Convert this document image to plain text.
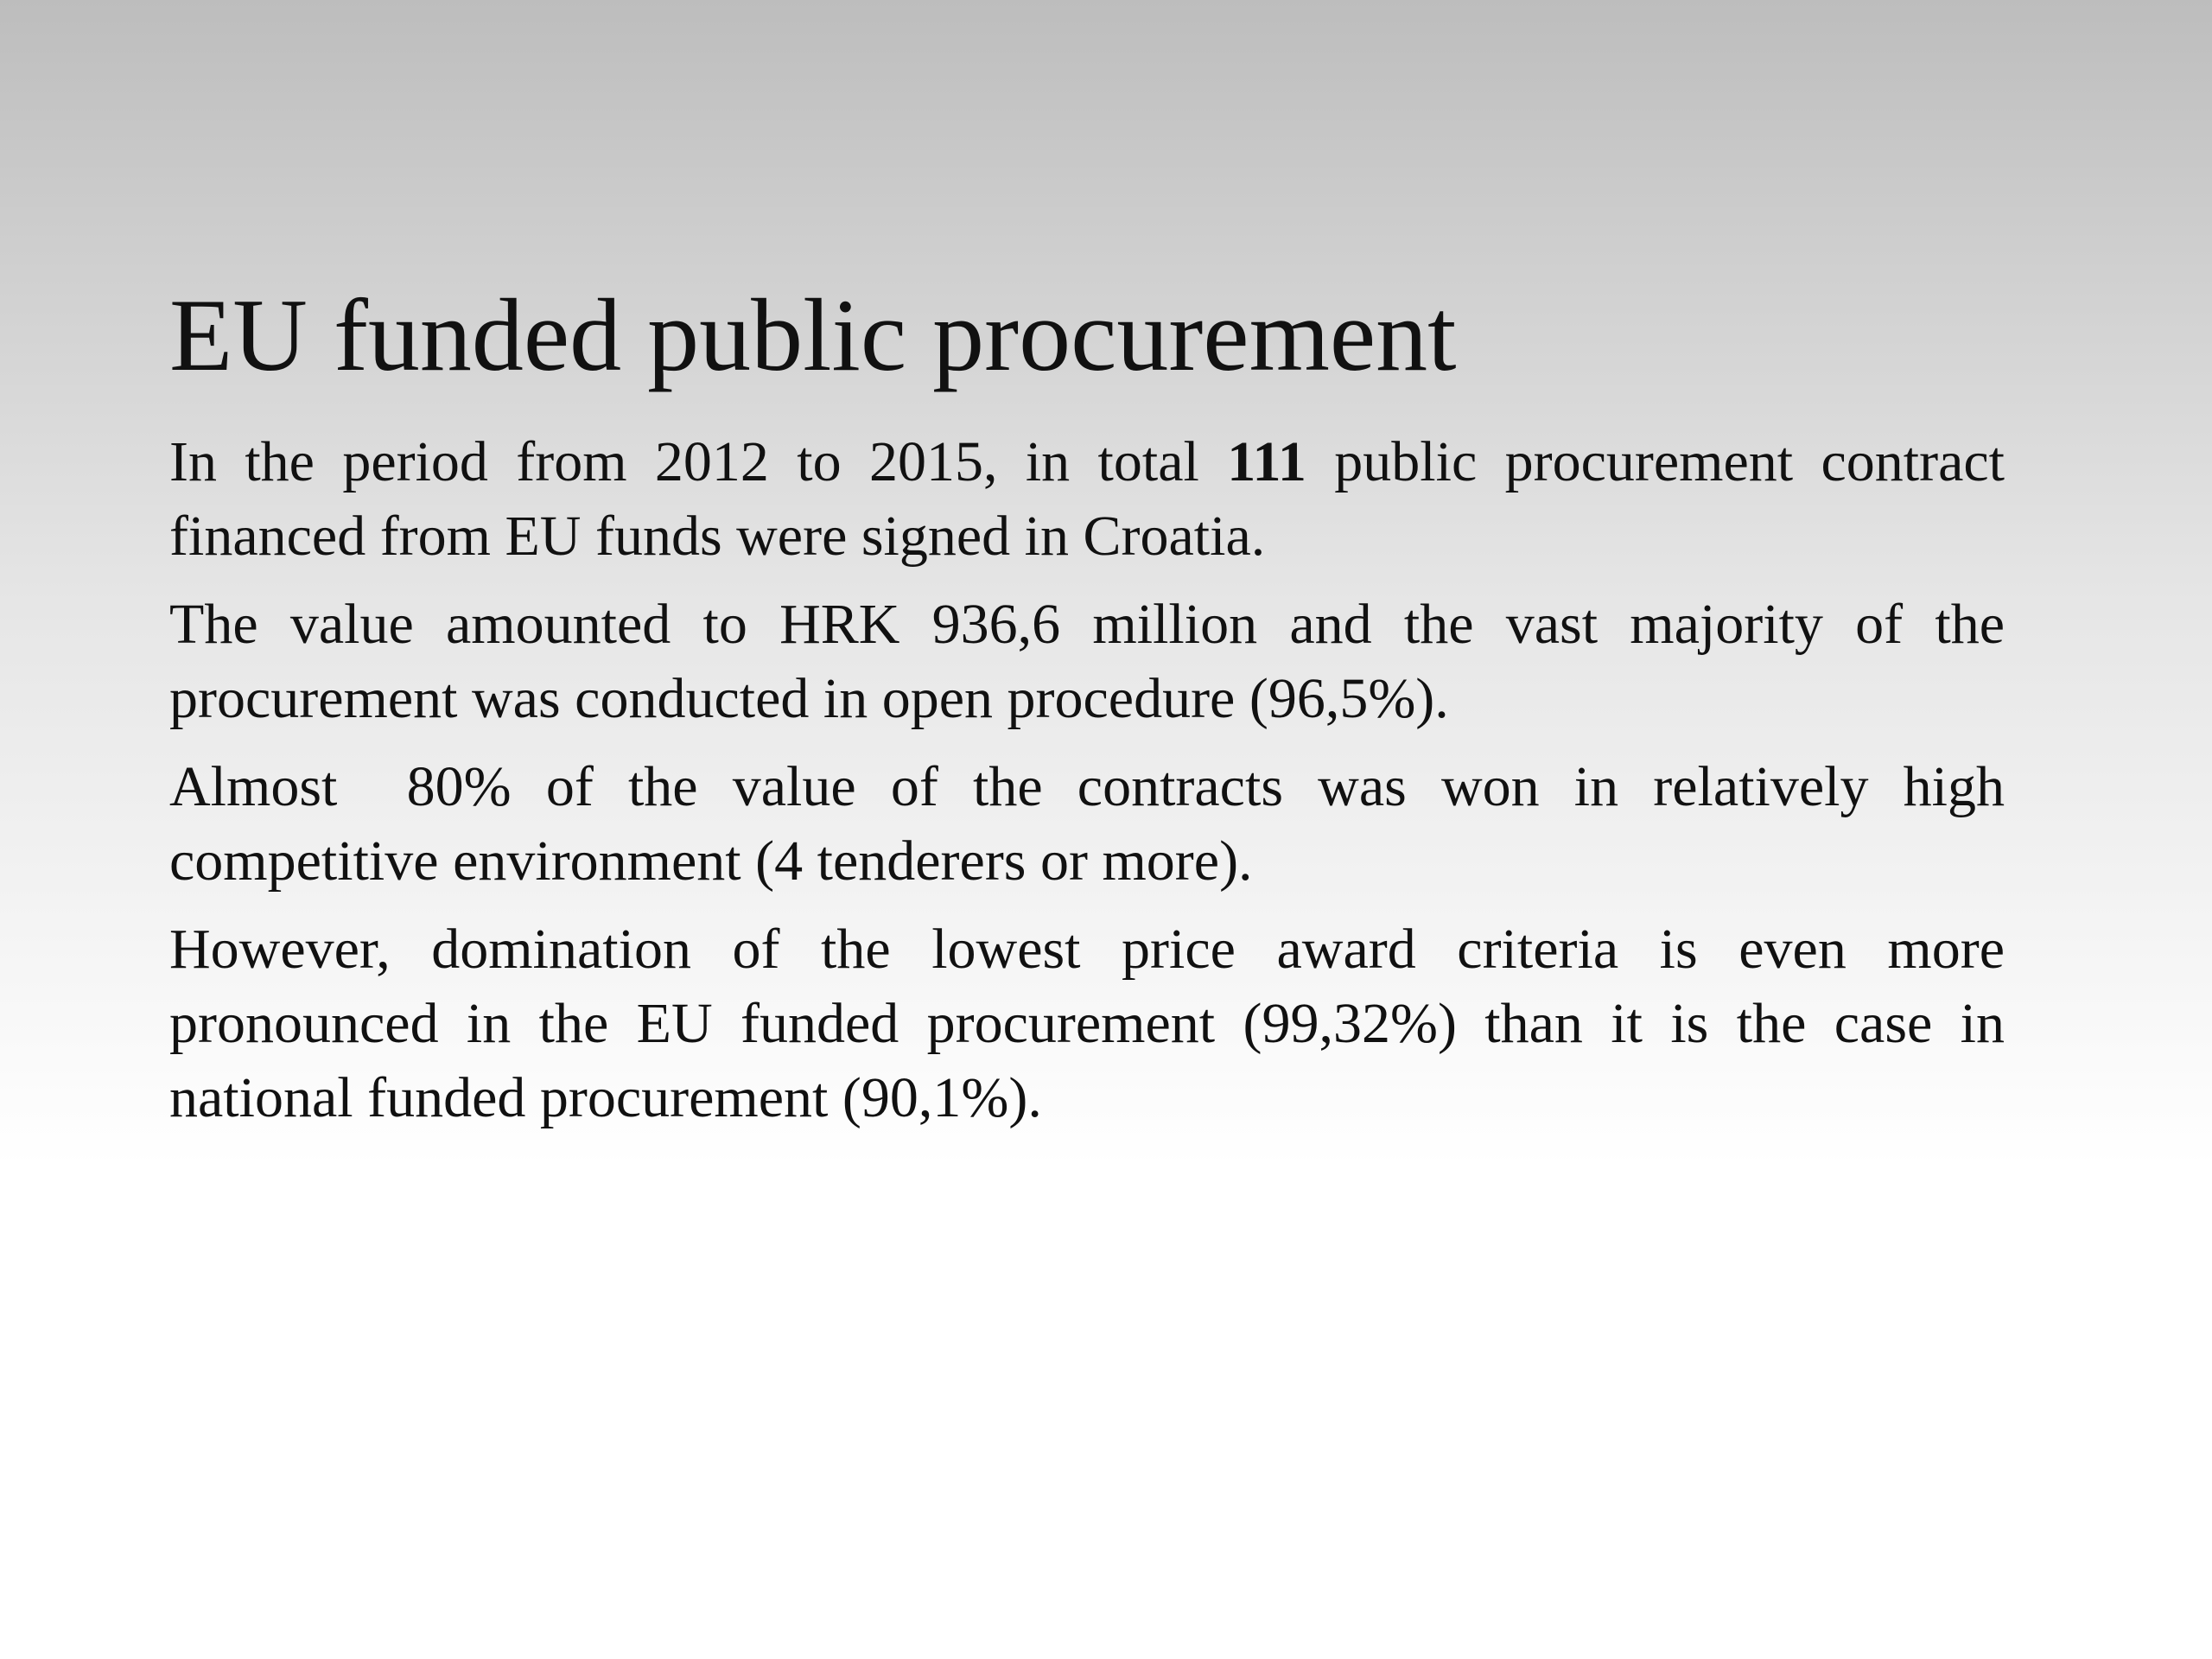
EU funded public procurement

In the period from 2012 to 2015, in total 111 public procurement contract financed from EU funds were signed in Croatia.

The value amounted to HRK 936,6 million and the vast majority of the procurement was conducted in open procedure (96,5%).

Almost  80% of the value of the contracts was won in relatively high competitive environment (4 tenderers or more).

However, domination of the lowest price award criteria is even more pronounced in the EU funded procurement (99,32%) than it is the case in national funded procurement (90,1%).
